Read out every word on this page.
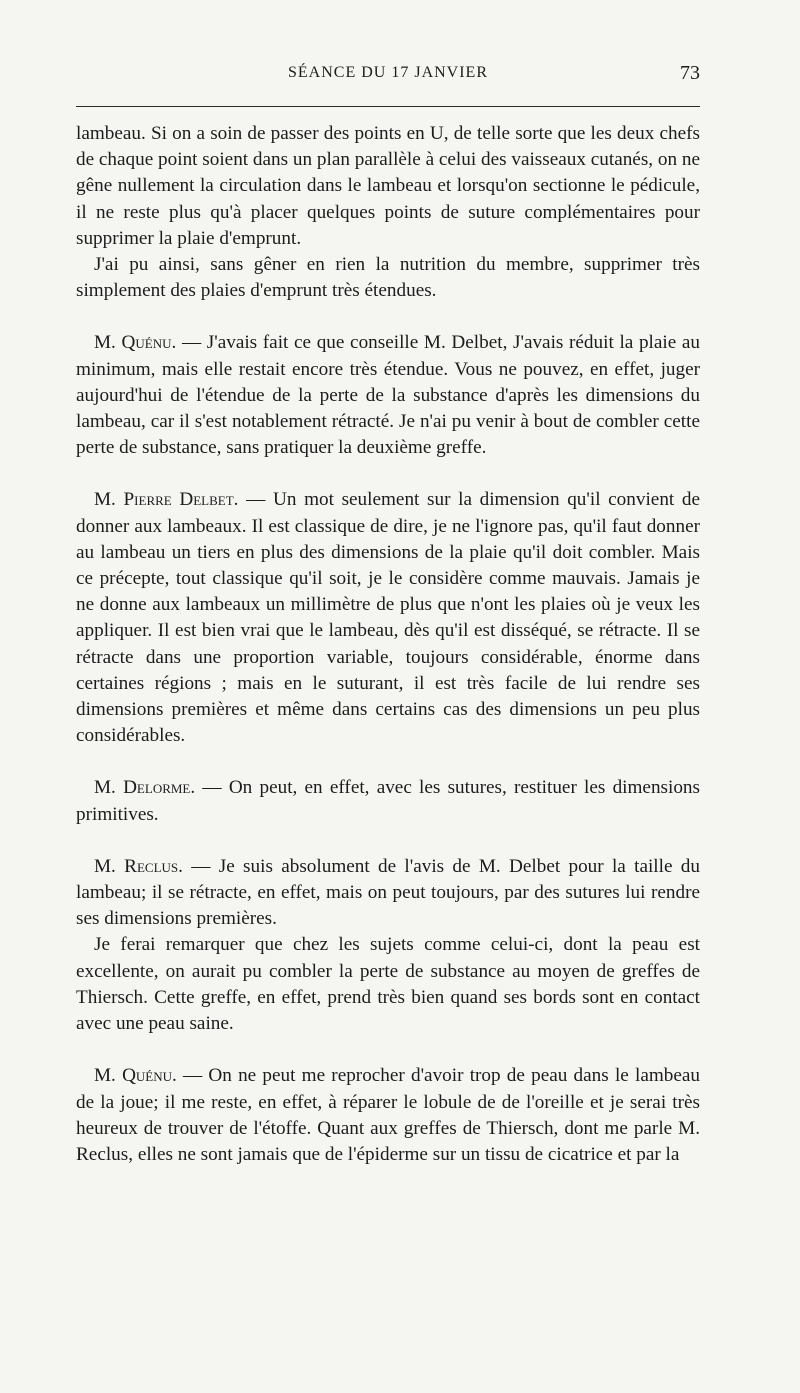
SÉANCE DU 17 JANVIER	73

lambeau. Si on a soin de passer des points en U, de telle sorte que les deux chefs de chaque point soient dans un plan parallèle à celui des vaisseaux cutanés, on ne gêne nullement la circulation dans le lambeau et lorsqu'on sectionne le pédicule, il ne reste plus qu'à placer quelques points de suture complémentaires pour supprimer la plaie d'emprunt.

J'ai pu ainsi, sans gêner en rien la nutrition du membre, supprimer très simplement des plaies d'emprunt très étendues.

M. Quénu. — J'avais fait ce que conseille M. Delbet, J'avais réduit la plaie au minimum, mais elle restait encore très étendue. Vous ne pouvez, en effet, juger aujourd'hui de l'étendue de la perte de la substance d'après les dimensions du lambeau, car il s'est notablement rétracté. Je n'ai pu venir à bout de combler cette perte de substance, sans pratiquer la deuxième greffe.

M. Pierre Delbet. — Un mot seulement sur la dimension qu'il convient de donner aux lambeaux. Il est classique de dire, je ne l'ignore pas, qu'il faut donner au lambeau un tiers en plus des dimensions de la plaie qu'il doit combler. Mais ce précepte, tout classique qu'il soit, je le considère comme mauvais. Jamais je ne donne aux lambeaux un millimètre de plus que n'ont les plaies où je veux les appliquer. Il est bien vrai que le lambeau, dès qu'il est disséqué, se rétracte. Il se rétracte dans une proportion variable, toujours considérable, énorme dans certaines régions ; mais en le suturant, il est très facile de lui rendre ses dimensions premières et même dans certains cas des dimensions un peu plus considérables.

M. Delorme. — On peut, en effet, avec les sutures, restituer les dimensions primitives.

M. Reclus. — Je suis absolument de l'avis de M. Delbet pour la taille du lambeau; il se rétracte, en effet, mais on peut toujours, par des sutures lui rendre ses dimensions premières.

Je ferai remarquer que chez les sujets comme celui-ci, dont la peau est excellente, on aurait pu combler la perte de substance au moyen de greffes de Thiersch. Cette greffe, en effet, prend très bien quand ses bords sont en contact avec une peau saine.

M. Quénu. — On ne peut me reprocher d'avoir trop de peau dans le lambeau de la joue; il me reste, en effet, à réparer le lobule de de l'oreille et je serai très heureux de trouver de l'étoffe. Quant aux greffes de Thiersch, dont me parle M. Reclus, elles ne sont jamais que de l'épiderme sur un tissu de cicatrice et par la
